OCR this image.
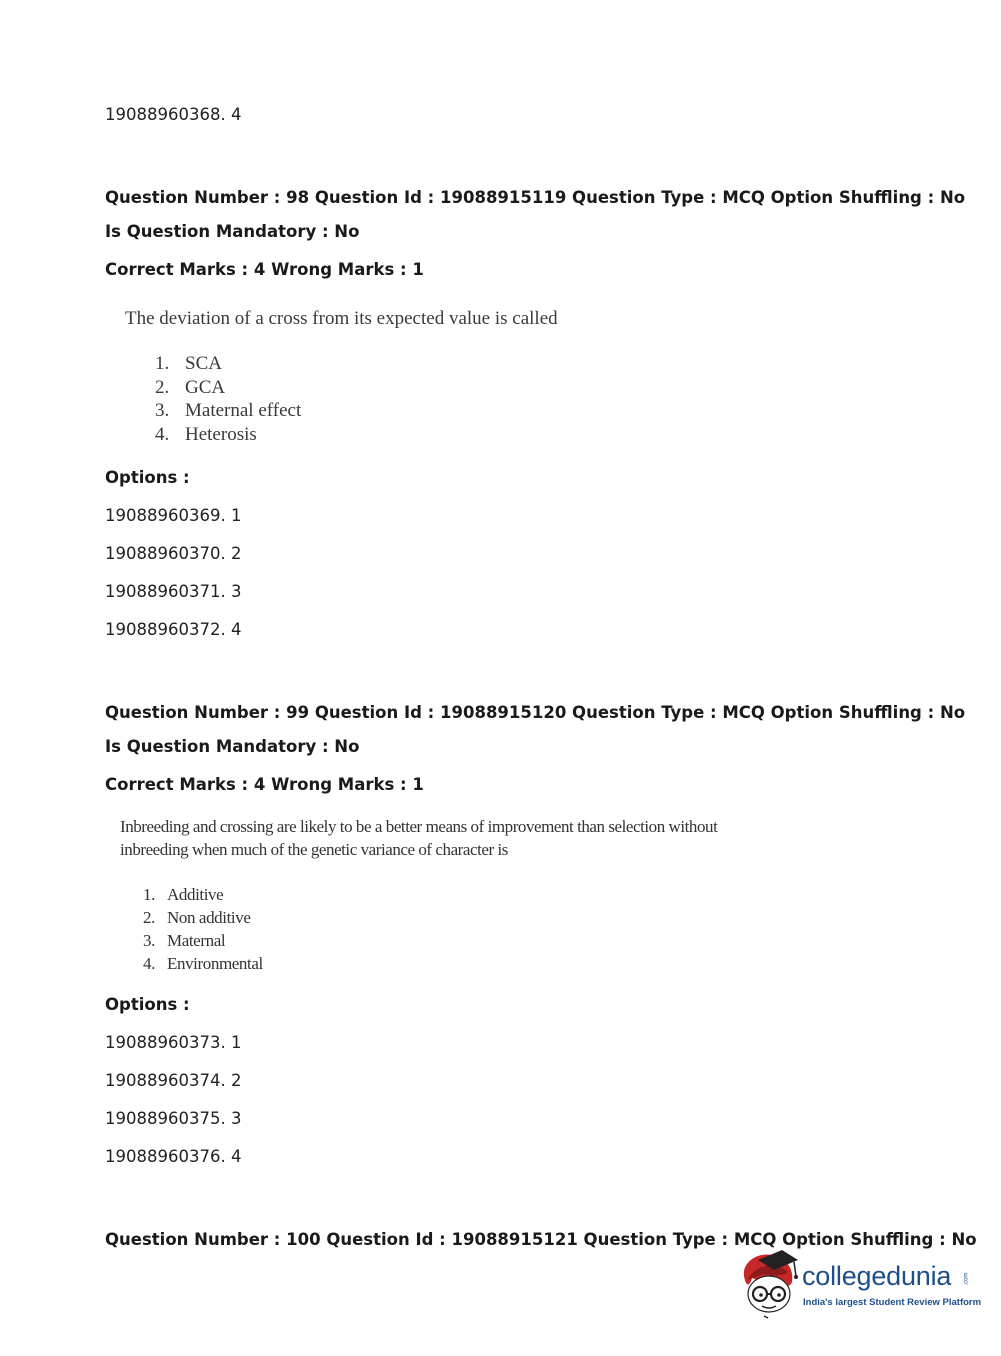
19088960368. 4
Question Number : 98 Question Id : 19088915119 Question Type : MCQ Option Shuffling : No
Is Question Mandatory : No
Correct Marks : 4 Wrong Marks : 1
The deviation of a cross from its expected value is called
1. SCA
2. GCA
3. Maternal effect
4. Heterosis
Options :
19088960369. 1
19088960370. 2
19088960371. 3
19088960372. 4
Question Number : 99 Question Id : 19088915120 Question Type : MCQ Option Shuffling : No
Is Question Mandatory : No
Correct Marks : 4 Wrong Marks : 1
Inbreeding and crossing are likely to be a better means of improvement than selection without
inbreeding when much of the genetic variance of character is
1. Additive
2. Non additive
3. Maternal
4. Environmental
Options :
19088960373. 1
19088960374. 2
19088960375. 3
19088960376. 4
Question Number : 100 Question Id : 19088915121 Question Type : MCQ Option Shuffling : No
collegedunia .com
India's largest Student Review Platform
